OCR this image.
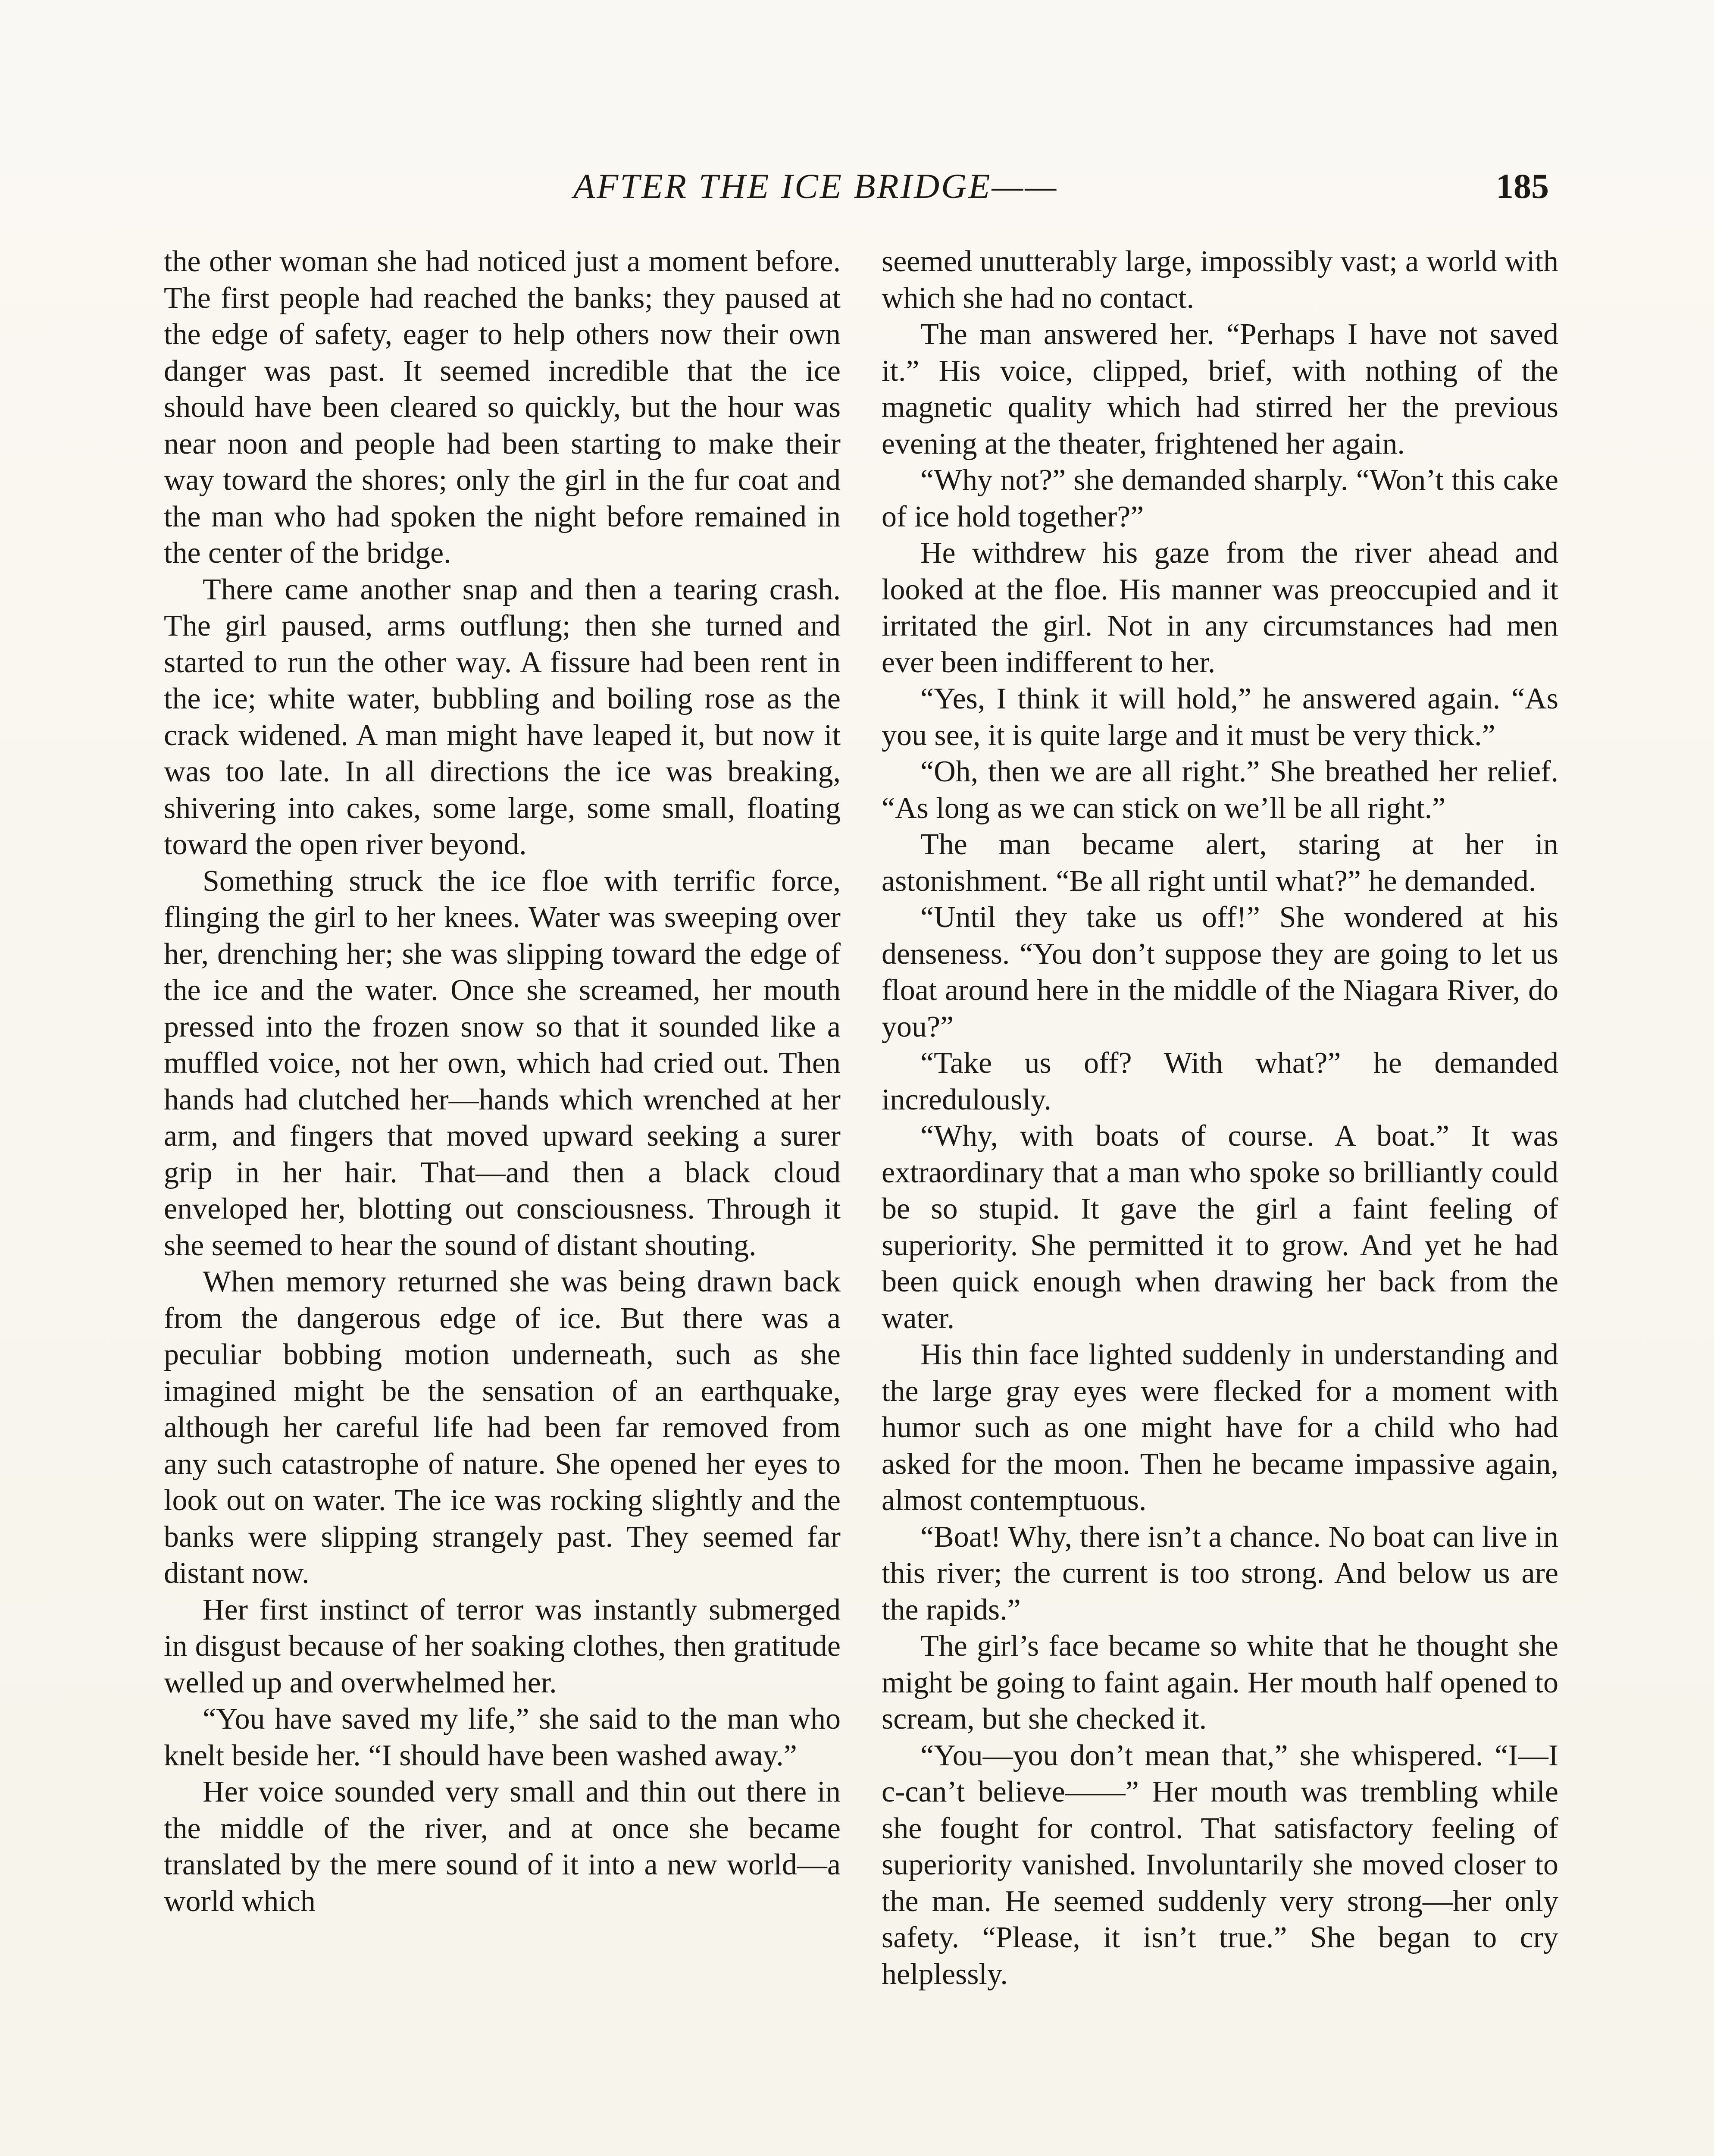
AFTER THE ICE BRIDGE——	185

the other woman she had noticed just a moment before. The first people had reached the banks; they paused at the edge of safety, eager to help others now their own danger was past. It seemed incredible that the ice should have been cleared so quickly, but the hour was near noon and people had been starting to make their way toward the shores; only the girl in the fur coat and the man who had spoken the night before remained in the center of the bridge.

There came another snap and then a tearing crash. The girl paused, arms outflung; then she turned and started to run the other way. A fissure had been rent in the ice; white water, bubbling and boiling rose as the crack widened. A man might have leaped it, but now it was too late. In all directions the ice was breaking, shivering into cakes, some large, some small, floating toward the open river beyond.

Something struck the ice floe with terrific force, flinging the girl to her knees. Water was sweeping over her, drenching her; she was slipping toward the edge of the ice and the water. Once she screamed, her mouth pressed into the frozen snow so that it sounded like a muffled voice, not her own, which had cried out. Then hands had clutched her—hands which wrenched at her arm, and fingers that moved upward seeking a surer grip in her hair. That—and then a black cloud enveloped her, blotting out consciousness. Through it she seemed to hear the sound of distant shouting.

When memory returned she was being drawn back from the dangerous edge of ice. But there was a peculiar bobbing motion underneath, such as she imagined might be the sensation of an earthquake, although her careful life had been far removed from any such catastrophe of nature. She opened her eyes to look out on water. The ice was rocking slightly and the banks were slipping strangely past. They seemed far distant now.

Her first instinct of terror was instantly submerged in disgust because of her soaking clothes, then gratitude welled up and overwhelmed her.

“You have saved my life,” she said to the man who knelt beside her. “I should have been washed away.”

Her voice sounded very small and thin out there in the middle of the river, and at once she became translated by the mere sound of it into a new world—a world which

seemed unutterably large, impossibly vast; a world with which she had no contact.

The man answered her. “Perhaps I have not saved it.” His voice, clipped, brief, with nothing of the magnetic quality which had stirred her the previous evening at the theater, frightened her again.

“Why not?” she demanded sharply. “Won’t this cake of ice hold together?”

He withdrew his gaze from the river ahead and looked at the floe. His manner was preoccupied and it irritated the girl. Not in any circumstances had men ever been indifferent to her.

“Yes, I think it will hold,” he answered again. “As you see, it is quite large and it must be very thick.”

“Oh, then we are all right.” She breathed her relief. “As long as we can stick on we’ll be all right.”

The man became alert, staring at her in astonishment. “Be all right until what?” he demanded.

“Until they take us off!” She wondered at his denseness. “You don’t suppose they are going to let us float around here in the middle of the Niagara River, do you?”

“Take us off? With what?” he demanded incredulously.

“Why, with boats of course. A boat.” It was extraordinary that a man who spoke so brilliantly could be so stupid. It gave the girl a faint feeling of superiority. She permitted it to grow. And yet he had been quick enough when drawing her back from the water.

His thin face lighted suddenly in understanding and the large gray eyes were flecked for a moment with humor such as one might have for a child who had asked for the moon. Then he became impassive again, almost contemptuous.

“Boat! Why, there isn’t a chance. No boat can live in this river; the current is too strong. And below us are the rapids.”

The girl’s face became so white that he thought she might be going to faint again. Her mouth half opened to scream, but she checked it.

“You—you don’t mean that,” she whispered. “I—I c-can’t believe——” Her mouth was trembling while she fought for control. That satisfactory feeling of superiority vanished. Involuntarily she moved closer to the man. He seemed suddenly very strong—her only safety. “Please, it isn’t true.” She began to cry helplessly.
